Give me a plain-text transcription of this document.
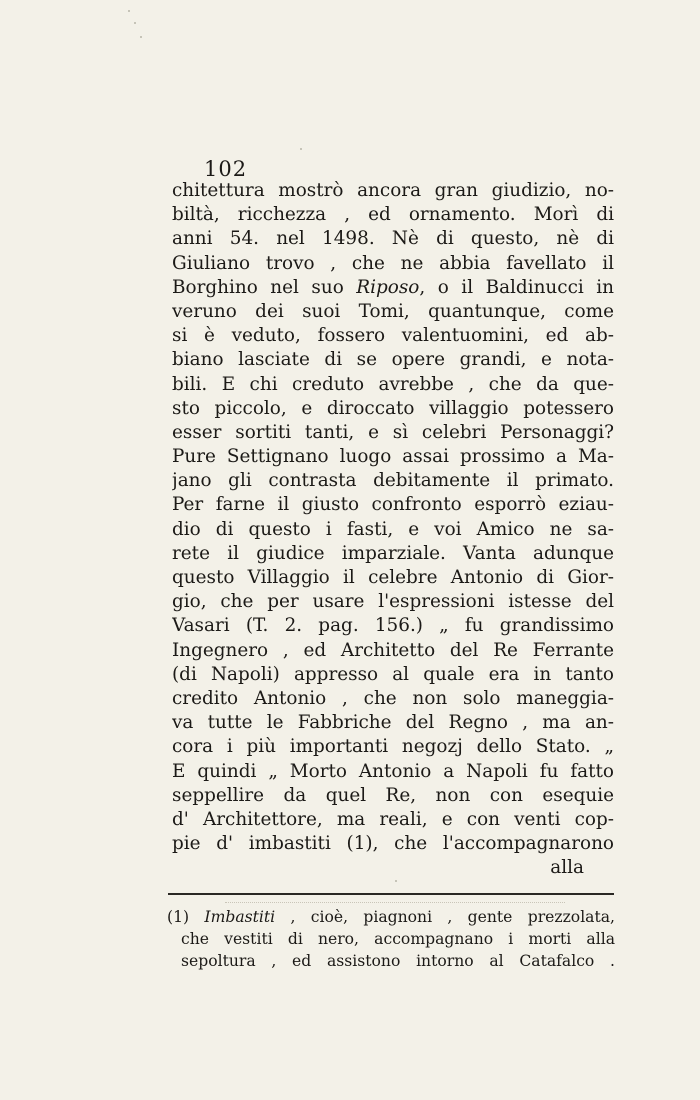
102
chitettura mostrò ancora gran giudizio, no-
biltà, ricchezza , ed ornamento. Morì di
anni 54. nel 1498. Nè di questo, nè di
Giuliano trovo , che ne abbia favellato il
Borghino nel suo Riposo, o il Baldinucci in
veruno dei suoi Tomi, quantunque, come
si è veduto, fossero valentuomini, ed ab-
biano lasciate di se opere grandi, e nota-
bili. E chi creduto avrebbe , che da que-
sto piccolo, e diroccato villaggio potessero
esser sortiti tanti, e sì celebri Personaggi?
Pure Settignano luogo assai prossimo a Ma-
jano gli contrasta debitamente il primato.
Per farne il giusto confronto esporrò eziau-
dio di questo i fasti, e voi Amico ne sa-
rete il giudice imparziale. Vanta adunque
questo Villaggio il celebre Antonio di Gior-
gio, che per usare l'espressioni istesse del
Vasari (T. 2. pag. 156.) „ fu grandissimo
Ingegnero , ed Architetto del Re Ferrante
(di Napoli) appresso al quale era in tanto
credito Antonio , che non solo maneggia-
va tutte le Fabbriche del Regno , ma an-
cora i più importanti negozj dello Stato. „
E quindi „ Morto Antonio a Napoli fu fatto
seppellire da quel Re, non con esequie
d' Architettore, ma reali, e con venti cop-
pie d' imbastiti (1), che l'accompagnarono
alla
(1) Imbastiti , cioè, piagnoni , gente prezzolata,
che vestiti di nero, accompagnano i morti alla
sepoltura , ed assistono intorno al Catafalco .
